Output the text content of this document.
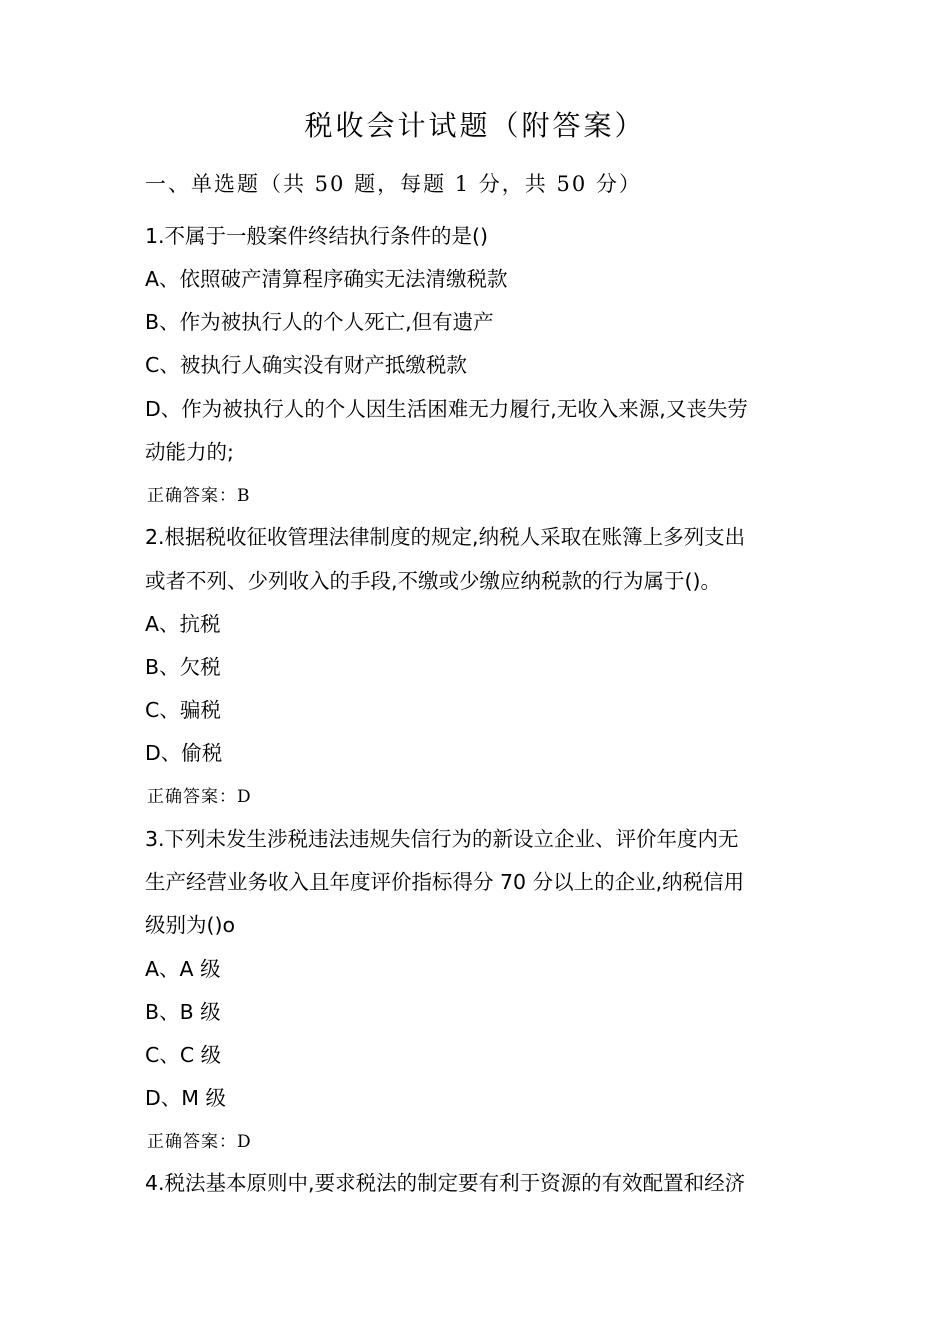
税收会计试题（附答案）
一、单选题（共 50 题，每题 1 分，共 50 分）
1.不属于一般案件终结执行条件的是()
A、依照破产清算程序确实无法清缴税款
B、作为被执行人的个人死亡,但有遗产
C、被执行人确实没有财产抵缴税款
D、作为被执行人的个人因生活困难无力履行,无收入来源,又丧失劳
动能力的;
正确答案：B
2.根据税收征收管理法律制度的规定,纳税人采取在账簿上多列支出
或者不列、少列收入的手段,不缴或少缴应纳税款的行为属于()。
A、抗税
B、欠税
C、骗税
D、偷税
正确答案：D
3.下列未发生涉税违法违规失信行为的新设立企业、评价年度内无
生产经营业务收入且年度评价指标得分 70 分以上的企业,纳税信用
级别为()o
A、A 级
B、B 级
C、C 级
D、M 级
正确答案：D
4.税法基本原则中,要求税法的制定要有利于资源的有效配置和经济
